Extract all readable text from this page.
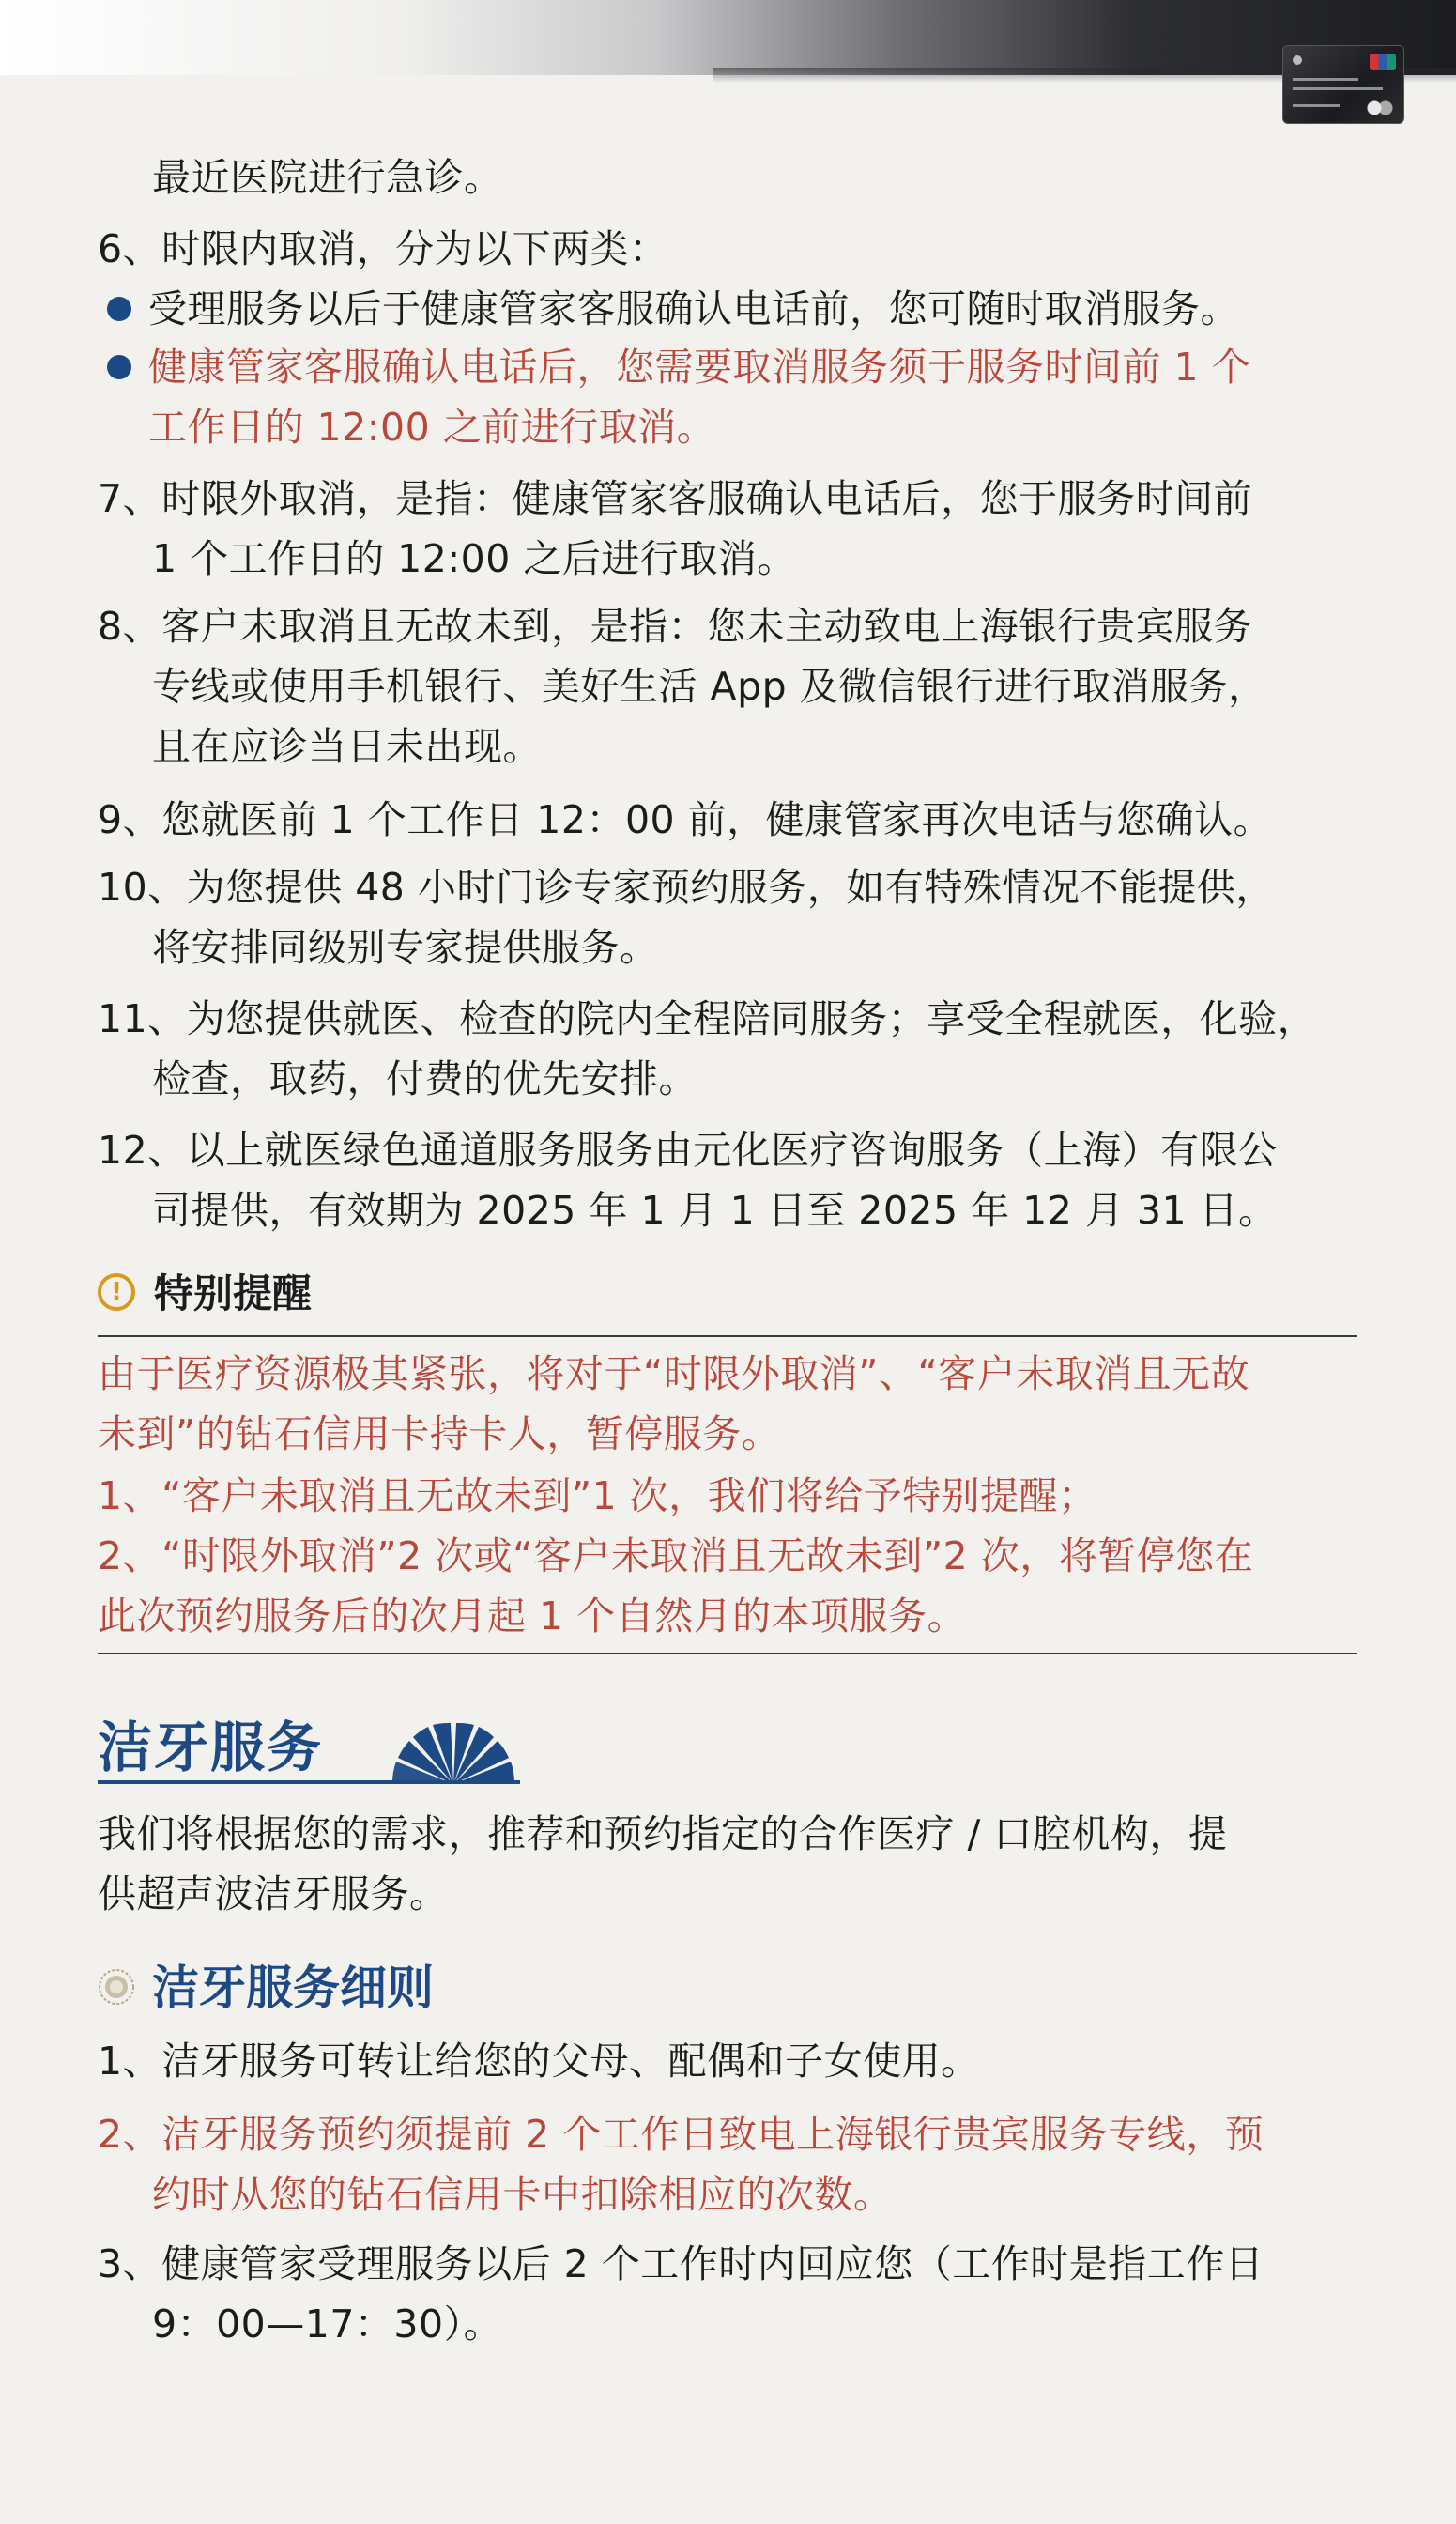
最近医院进行急诊。
6、时限内取消，分为以下两类：
受理服务以后于健康管家客服确认电话前，您可随时取消服务。
健康管家客服确认电话后，您需要取消服务须于服务时间前 1 个
工作日的 12:00 之前进行取消。
7、时限外取消，是指：健康管家客服确认电话后，您于服务时间前
1 个工作日的 12:00 之后进行取消。
8、客户未取消且无故未到，是指：您未主动致电上海银行贵宾服务
专线或使用手机银行、美好生活 App 及微信银行进行取消服务，
且在应诊当日未出现。
9、您就医前 1 个工作日 12：00 前，健康管家再次电话与您确认。
10、为您提供 48 小时门诊专家预约服务，如有特殊情况不能提供，
将安排同级别专家提供服务。
11、为您提供就医、检查的院内全程陪同服务；享受全程就医，化验，
检查，取药，付费的优先安排。
12、以上就医绿色通道服务服务由元化医疗咨询服务（上海）有限公
司提供，有效期为 2025 年 1 月 1 日至 2025 年 12 月 31 日。
! 特别提醒
由于医疗资源极其紧张，将对于“时限外取消”、“客户未取消且无故
未到”的钻石信用卡持卡人，暂停服务。
1、“客户未取消且无故未到”1 次，我们将给予特别提醒；
2、“时限外取消”2 次或“客户未取消且无故未到”2 次，将暂停您在
此次预约服务后的次月起 1 个自然月的本项服务。
洁牙服务
我们将根据您的需求，推荐和预约指定的合作医疗 / 口腔机构，提
供超声波洁牙服务。
洁牙服务细则
1、洁牙服务可转让给您的父母、配偶和子女使用。
2、洁牙服务预约须提前 2 个工作日致电上海银行贵宾服务专线，预
约时从您的钻石信用卡中扣除相应的次数。
3、健康管家受理服务以后 2 个工作时内回应您（工作时是指工作日
9：00—17：30）。
